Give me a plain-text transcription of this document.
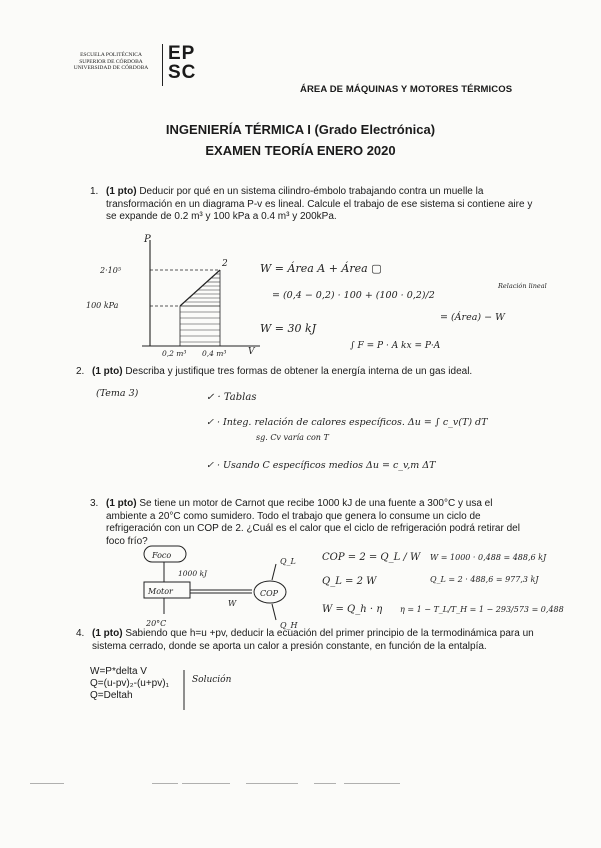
ESCUELA POLITÉCNICA
SUPERIOR DE CÓRDOBA
UNIVERSIDAD DE CÓRDOBA
EP
SC
ÁREA DE MÁQUINAS Y MOTORES TÉRMICOS
INGENIERÍA TÉRMICA I (Grado Electrónica)
EXAMEN TEORÍA ENERO 2020
1. (1 pto) Deducir por qué en un sistema cilindro-émbolo trabajando contra un muelle la transformación en un diagrama P-v es lineal. Calcule el trabajo de ese sistema si contiene aire y se expande de 0.2 m³ y 100 kPa a 0.4 m³ y 200kPa.
P
2·10⁵
100 kPa
0,2 m³ 0,4 m³ V
2	W = Área A + Área ▢
= (0,4 − 0,2) · 100 + (100 · 0,2)/2
= (Área) − W
W = 30 kJ
Relación lineal
∫ F = P · A kx = P·A
2. (1 pto) Describa y justifique tres formas de obtener la energía interna de un gas ideal.
(Tema 3)	✓ · Tablas
✓ · Integ. relación de calores específicos. Δu = ∫ c_v(T) dT
sg. Cv varía con T
✓ · Usando C específicos medios Δu = c_v,m ΔT
3. (1 pto) Se tiene un motor de Carnot que recibe 1000 kJ de una fuente a 300°C y usa el ambiente a 20°C como sumidero. Todo el trabajo que genera lo consume un ciclo de refrigeración con un COP de 2. ¿Cuál es el calor que el ciclo de refrigeración podrá retirar del foco frío?
Foco
1000 kJ
Motor
W
20°C
COP
Q_L
Q_H
COP = 2 = Q_L / W W = 1000 · 0,488 = 488,6 kJ
Q_L = 2 · 488,6 = 977,3 kJ
Q_L = 2 W
W = Q_h · η η = 1 − T_L/T_H = 1 − 293/573 = 0,488
4. (1 pto) Sabiendo que h=u +pv, deducir la ecuación del primer principio de la termodinámica para un sistema cerrado, donde se aporta un calor a presión constante, en función de la entalpía.
W=P*delta V
Q=(u-pv)₂-(u+pv)₁
Q=Deltah
Solución
